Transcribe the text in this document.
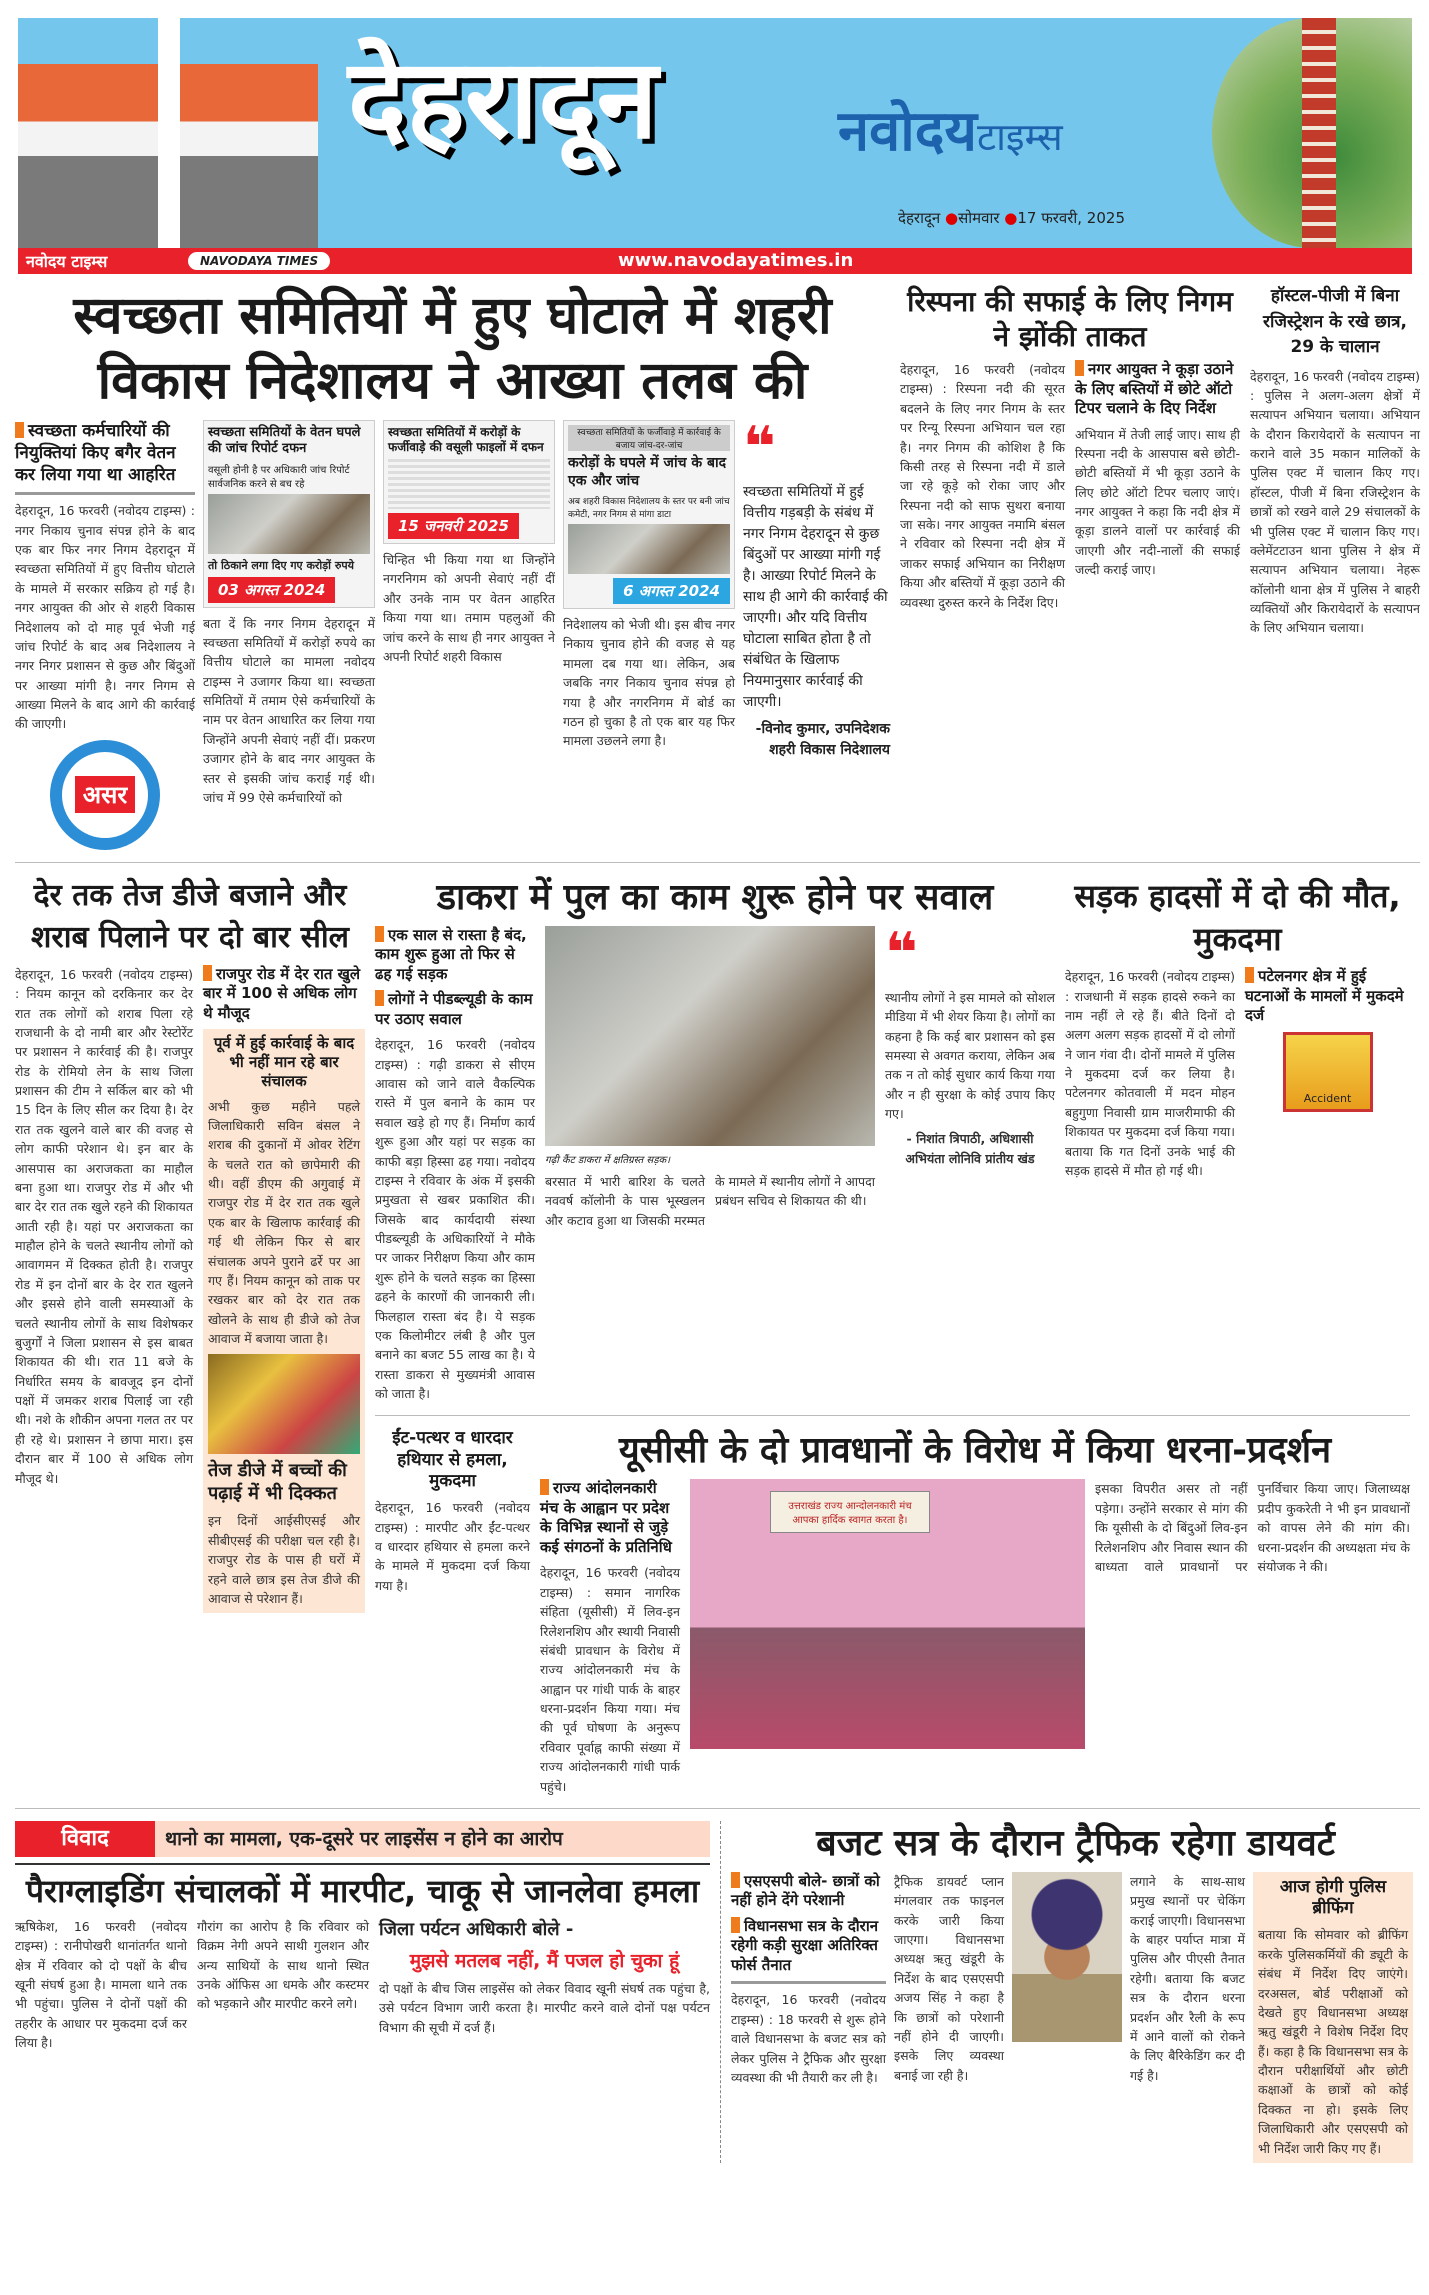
देहरादून	नवोदयटाइम्स
देहरादून ●सोमवार ●17 फरवरी, 2025
नवोदय टाइम्स	NAVODAYA TIMES	www.navodayatimes.in
स्वच्छता समितियों में हुए घोटाले में शहरी विकास निदेशालय ने आख्या तलब की
स्वच्छता कर्मचारियों की नियुक्तियां किए बगैर वेतन कर लिया गया था आहरित
देहरादून, 16 फरवरी (नवोदय टाइम्स) : नगर निकाय चुनाव संपन्न होने के बाद एक बार फिर नगर निगम देहरादून में स्वच्छता समितियों में हुए वित्तीय घोटाले के मामले में सरकार सक्रिय हो गई है। नगर आयुक्त की ओर से शहरी विकास निदेशालय को दो माह पूर्व भेजी गई जांच रिपोर्ट के बाद अब निदेशालय ने नगर निगर प्रशासन से कुछ और बिंदुओं पर आख्या मांगी है। नगर निगम से आख्या मिलने के बाद आगे की कार्रवाई की जाएगी।
असर
स्वच्छता समितियों के वेतन घपले की जांच रिपोर्ट दफन
वसूली होनी है पर अधिकारी जांच रिपोर्ट सार्वजनिक करने से बच रहे
तो ठिकाने लगा दिए गए करोड़ों रुपये
03 अगस्त 2024
बता दें कि नगर निगम देहरादून में स्वच्छता समितियों में करोड़ों रुपये का वित्तीय घोटाले का मामला नवोदय टाइम्स ने उजागर किया था। स्वच्छता समितियों में तमाम ऐसे कर्मचारियों के नाम पर वेतन आधारित कर लिया गया जिन्होंने अपनी सेवाएं नहीं दीं। प्रकरण उजागर होने के बाद नगर आयुक्त के स्तर से इसकी जांच कराई गई थी। जांच में 99 ऐसे कर्मचारियों को
स्वच्छता समितियों में करोड़ों के फर्जीवाड़े की वसूली फाइलों में दफन
15 जनवरी 2025
चिन्हित भी किया गया था जिन्होंने नगरनिगम को अपनी सेवाएं नहीं दीं और उनके नाम पर वेतन आहरित किया गया था। तमाम पहलुओं की जांच करने के साथ ही नगर आयुक्त ने अपनी रिपोर्ट शहरी विकास
स्वच्छता समितियों के फर्जीवाड़े में कार्रवाई के बजाय जांच-दर-जांच
करोड़ों के घपले में जांच के बाद एक और जांच
अब शहरी विकास निदेशालय के स्तर पर बनी जांच कमेटी, नगर निगम से मांगा डाटा
6 अगस्त 2024
निदेशालय को भेजी थी। इस बीच नगर निकाय चुनाव होने की वजह से यह मामला दब गया था। लेकिन, अब जबकि नगर निकाय चुनाव संपन्न हो गया है और नगरनिगम में बोर्ड का गठन हो चुका है तो एक बार यह फिर मामला उछलने लगा है।
❝
स्वच्छता समितियों में हुई वित्तीय गड़बड़ी के संबंध में नगर निगम देहरादून से कुछ बिंदुओं पर आख्या मांगी गई है। आख्या रिपोर्ट मिलने के साथ ही आगे की कार्रवाई की जाएगी। और यदि वित्तीय घोटाला साबित होता है तो संबंधित के खिलाफ नियमानुसार कार्रवाई की जाएगी।
-विनोद कुमार, उपनिदेशक शहरी विकास निदेशालय
रिस्पना की सफाई के लिए निगम ने झोंकी ताकत
देहरादून, 16 फरवरी (नवोदय टाइम्स) : रिस्पना नदी की सूरत बदलने के लिए नगर निगम के स्तर पर रिन्यू रिस्पना अभियान चल रहा है। नगर निगम की कोशिश है कि किसी तरह से रिस्पना नदी में डाले जा रहे कूड़े को रोका जाए और रिस्पना नदी को साफ सुथरा बनाया जा सके। नगर आयुक्त नमामि बंसल ने रविवार को रिस्पना नदी क्षेत्र में जाकर सफाई अभियान का निरीक्षण किया और बस्तियों में कूड़ा उठाने की व्यवस्था दुरुस्त करने के निर्देश दिए।
नगर आयुक्त ने कूड़ा उठाने के लिए बस्तियों में छोटे ऑटो टिपर चलाने के दिए निर्देश
अभियान में तेजी लाई जाए। साथ ही रिस्पना नदी के आसपास बसे छोटी-छोटी बस्तियों में भी कूड़ा उठाने के लिए छोटे ऑटो टिपर चलाए जाएं। नगर आयुक्त ने कहा कि नदी क्षेत्र में कूड़ा डालने वालों पर कार्रवाई की जाएगी और नदी-नालों की सफाई जल्दी कराई जाए।
हॉस्टल-पीजी में बिना रजिस्ट्रेशन के रखे छात्र, 29 के चालान
देहरादून, 16 फरवरी (नवोदय टाइम्स) : पुलिस ने अलग-अलग क्षेत्रों में सत्यापन अभियान चलाया। अभियान के दौरान किरायेदारों के सत्यापन ना कराने वाले 35 मकान मालिकों के पुलिस एक्ट में चालान किए गए। हॉस्टल, पीजी में बिना रजिस्ट्रेशन के छात्रों को रखने वाले 29 संचालकों के भी पुलिस एक्ट में चालान किए गए। क्लेमेंटटाउन थाना पुलिस ने क्षेत्र में सत्यापन अभियान चलाया। नेहरू कॉलोनी थाना क्षेत्र में पुलिस ने बाहरी व्यक्तियों और किरायेदारों के सत्यापन के लिए अभियान चलाया।
देर तक तेज डीजे बजाने और शराब पिलाने पर दो बार सील
देहरादून, 16 फरवरी (नवोदय टाइम्स) : नियम कानून को दरकिनार कर देर रात तक लोगों को शराब पिला रहे राजधानी के दो नामी बार और रेस्टोरेंट पर प्रशासन ने कार्रवाई की है। राजपुर रोड के रोमियो लेन के साथ जिला प्रशासन की टीम ने सर्किल बार को भी 15 दिन के लिए सील कर दिया है। देर रात तक खुलने वाले बार की वजह से लोग काफी परेशान थे। इन बार के आसपास का अराजकता का माहौल बना हुआ था। राजपुर रोड में और भी बार देर रात तक खुले रहने की शिकायत आती रही है। यहां पर अराजकता का माहौल होने के चलते स्थानीय लोगों को आवागमन में दिक्कत होती है। राजपुर रोड में इन दोनों बार के देर रात खुलने और इससे होने वाली समस्याओं के चलते स्थानीय लोगों के साथ विशेषकर बुजुर्गों ने जिला प्रशासन से इस बाबत शिकायत की थी। रात 11 बजे के निर्धारित समय के बावजूद इन दोनों पक्षों में जमकर शराब पिलाई जा रही थी। नशे के शौकीन अपना गलत तर पर ही रहे थे। प्रशासन ने छापा मारा। इस दौरान बार में 100 से अधिक लोग मौजूद थे।
राजपुर रोड में देर रात खुले बार में 100 से अधिक लोग थे मौजूद
पूर्व में हुई कार्रवाई के बाद भी नहीं मान रहे बार संचालक
अभी कुछ महीने पहले जिलाधिकारी सविन बंसल ने शराब की दुकानों में ओवर रेटिंग के चलते रात को छापेमारी की थी। वहीं डीएम की अगुवाई में राजपुर रोड में देर रात तक खुले एक बार के खिलाफ कार्रवाई की गई थी लेकिन फिर से बार संचालक अपने पुराने ढर्रे पर आ गए हैं। नियम कानून को ताक पर रखकर बार को देर रात तक खोलने के साथ ही डीजे को तेज आवाज में बजाया जाता है।
तेज डीजे में बच्चों की पढ़ाई में भी दिक्कत
इन दिनों आईसीएसई और सीबीएसई की परीक्षा चल रही है। राजपुर रोड के पास ही घरों में रहने वाले छात्र इस तेज डीजे की आवाज से परेशान हैं।
डाकरा में पुल का काम शुरू होने पर सवाल
एक साल से रास्ता है बंद, काम शुरू हुआ तो फिर से ढह गई सड़क
लोगों ने पीडब्ल्यूडी के काम पर उठाए सवाल
देहरादून, 16 फरवरी (नवोदय टाइम्स) : गढ़ी डाकरा से सीएम आवास को जाने वाले वैकल्पिक रास्ते में पुल बनाने के काम पर सवाल खड़े हो गए हैं। निर्माण कार्य शुरू हुआ और यहां पर सड़क का काफी बड़ा हिस्सा ढह गया। नवोदय टाइम्स ने रविवार के अंक में इसकी प्रमुखता से खबर प्रकाशित की। जिसके बाद कार्यदायी संस्था पीडब्ल्यूडी के अधिकारियों ने मौके पर जाकर निरीक्षण किया और काम शुरू होने के चलते सड़क का हिस्सा ढहने के कारणों की जानकारी ली। फिलहाल रास्ता बंद है। ये सड़क एक किलोमीटर लंबी है और पुल बनाने का बजट 55 लाख का है। ये रास्ता डाकरा से मुख्यमंत्री आवास को जाता है।
गढ़ी कैंट डाकरा में क्षतिग्रस्त सड़क।
बरसात में भारी बारिश के चलते नववर्ष कॉलोनी के पास भूस्खलन और कटाव हुआ था जिसकी मरम्मत के मामले में स्थानीय लोगों ने आपदा प्रबंधन सचिव से शिकायत की थी।
❝
स्थानीय लोगों ने इस मामले को सोशल मीडिया में भी शेयर किया है। लोगों का कहना है कि कई बार प्रशासन को इस समस्या से अवगत कराया, लेकिन अब तक न तो कोई सुधार कार्य किया गया और न ही सुरक्षा के कोई उपाय किए गए।
- निशांत त्रिपाठी, अधिशासी अभियंता लोनिवि प्रांतीय खंड
सड़क हादसों में दो की मौत, मुकदमा
देहरादून, 16 फरवरी (नवोदय टाइम्स) : राजधानी में सड़क हादसे रुकने का नाम नहीं ले रहे हैं। बीते दिनों दो अलग अलग सड़क हादसों में दो लोगों ने जान गंवा दी। दोनों मामले में पुलिस ने मुकदमा दर्ज कर लिया है। पटेलनगर कोतवाली में मदन मोहन बहुगुणा निवासी ग्राम माजरीमाफी की शिकायत पर मुकदमा दर्ज किया गया। बताया कि गत दिनों उनके भाई की सड़क हादसे में मौत हो गई थी।
पटेलनगर क्षेत्र में हुई घटनाओं के मामलों में मुकदमे दर्ज
Accident
ईंट-पत्थर व धारदार हथियार से हमला, मुकदमा
देहरादून, 16 फरवरी (नवोदय टाइम्स) : मारपीट और ईंट-पत्थर व धारदार हथियार से हमला करने के मामले में मुकदमा दर्ज किया गया है।
यूसीसी के दो प्रावधानों के विरोध में किया धरना-प्रदर्शन
राज्य आंदोलनकारी मंच के आह्वान पर प्रदेश के विभिन्न स्थानों से जुड़े कई संगठनों के प्रतिनिधि
देहरादून, 16 फरवरी (नवोदय टाइम्स) : समान नागरिक संहिता (यूसीसी) में लिव-इन रिलेशनशिप और स्थायी निवासी संबंधी प्रावधान के विरोध में राज्य आंदोलनकारी मंच के आह्वान पर गांधी पार्क के बाहर धरना-प्रदर्शन किया गया। मंच की पूर्व घोषणा के अनुरूप रविवार पूर्वाह्न काफी संख्या में राज्य आंदोलनकारी गांधी पार्क पहुंचे।
उत्तराखंड राज्य आन्दोलनकारी मंच आपका हार्दिक स्वागत करता है।
इसका विपरीत असर तो नहीं पड़ेगा। उन्होंने सरकार से मांग की कि यूसीसी के दो बिंदुओं लिव-इन रिलेशनशिप और निवास स्थान की बाध्यता वाले प्रावधानों पर पुनर्विचार किया जाए। जिलाध्यक्ष प्रदीप कुकरेती ने भी इन प्रावधानों को वापस लेने की मांग की। धरना-प्रदर्शन की अध्यक्षता मंच के संयोजक ने की।
विवाद	थानो का मामला, एक-दूसरे पर लाइसेंस न होने का आरोप
पैराग्लाइडिंग संचालकों में मारपीट, चाकू से जानलेवा हमला
ऋषिकेश, 16 फरवरी (नवोदय टाइम्स) : रानीपोखरी थानांतर्गत थानो क्षेत्र में रविवार को दो पक्षों के बीच खूनी संघर्ष हुआ है। मामला थाने तक भी पहुंचा। पुलिस ने दोनों पक्षों की तहरीर के आधार पर मुकदमा दर्ज कर लिया है।
गौरांग का आरोप है कि रविवार को विक्रम नेगी अपने साथी गुलशन और अन्य साथियों के साथ थानो स्थित उनके ऑफिस आ धमके और कस्टमर को भड़काने और मारपीट करने लगे।
जिला पर्यटन अधिकारी बोले -
मुझसे मतलब नहीं, मैं पजल हो चुका हूं
दो पक्षों के बीच जिस लाइसेंस को लेकर विवाद खूनी संघर्ष तक पहुंचा है, उसे पर्यटन विभाग जारी करता है। मारपीट करने वाले दोनों पक्ष पर्यटन विभाग की सूची में दर्ज हैं।
बजट सत्र के दौरान ट्रैफिक रहेगा डायवर्ट
एसएसपी बोले- छात्रों को नहीं होने देंगे परेशानी
विधानसभा सत्र के दौरान रहेगी कड़ी सुरक्षा अतिरिक्त फोर्स तैनात
देहरादून, 16 फरवरी (नवोदय टाइम्स) : 18 फरवरी से शुरू होने वाले विधानसभा के बजट सत्र को लेकर पुलिस ने ट्रैफिक और सुरक्षा व्यवस्था की भी तैयारी कर ली है।
ट्रैफिक डायवर्ट प्लान मंगलवार तक फाइनल करके जारी किया जाएगा। विधानसभा अध्यक्ष ऋतु खंडूरी के निर्देश के बाद एसएसपी अजय सिंह ने कहा है कि छात्रों को परेशानी नहीं होने दी जाएगी। इसके लिए व्यवस्था बनाई जा रही है।
लगाने के साथ-साथ प्रमुख स्थानों पर चेकिंग कराई जाएगी। विधानसभा के बाहर पर्याप्त मात्रा में पुलिस और पीएसी तैनात रहेगी। बताया कि बजट सत्र के दौरान धरना प्रदर्शन और रैली के रूप में आने वालों को रोकने के लिए बैरिकेडिंग कर दी गई है।
आज होगी पुलिस ब्रीफिंग
बताया कि सोमवार को ब्रीफिंग करके पुलिसकर्मियों की ड्यूटी के संबंध में निर्देश दिए जाएंगे। दरअसल, बोर्ड परीक्षाओं को देखते हुए विधानसभा अध्यक्ष ऋतु खंडूरी ने विशेष निर्देश दिए हैं। कहा है कि विधानसभा सत्र के दौरान परीक्षार्थियों और छोटी कक्षाओं के छात्रों को कोई दिक्कत ना हो। इसके लिए जिलाधिकारी और एसएसपी को भी निर्देश जारी किए गए हैं।
